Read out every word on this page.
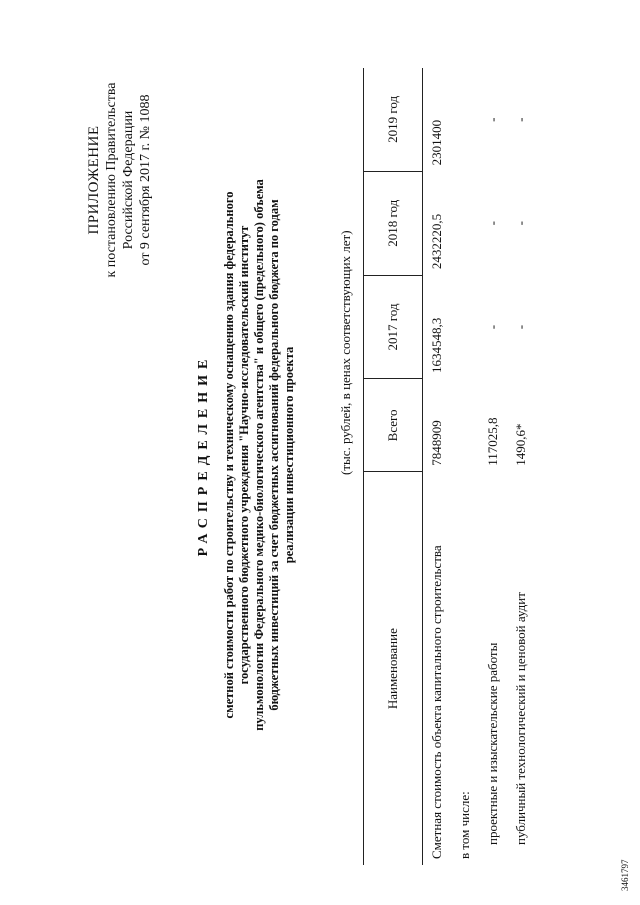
ПРИЛОЖЕНИЕ к постановлению Правительства Российской Федерации от 9 сентября 2017 г. № 1088
РАСПРЕДЕЛЕНИЕ сметной стоимости работ по строительству и техническому оснащению здания федерального государственного бюджетного учреждения "Научно-исследовательский институт пульмонологии Федерального медико-биологического агентства" и общего (предельного) объема бюджетных инвестиций за счет бюджетных ассигнований федерального бюджета по годам реализации инвестиционного проекта	(тыс. рублей, в ценах соответствующих лет)
Наименование	Всего	2017 год	2018 год	2019 год
Сметная стоимость объекта капитального строительства	7848909	1634548,3	2432220,5	2301400
в том числе:				
проектные и изыскательские работы	117025,8	-	-	-
публичный технологический и ценовой аудит	1490,6*	-	-	-
3461797
